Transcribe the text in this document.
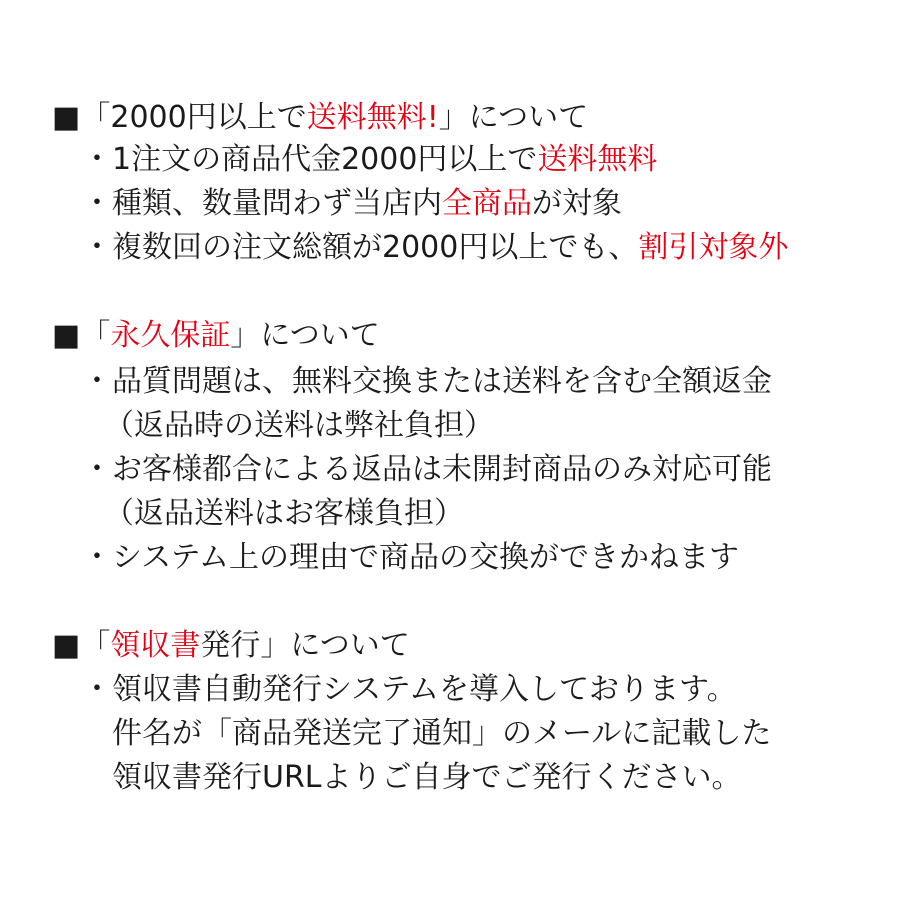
■「2000円以上で送料無料!」について
・1注文の商品代金2000円以上で送料無料
・種類、数量問わず当店内全商品が対象
・複数回の注文総額が2000円以上でも、割引対象外
■「永久保証」について
・品質問題は、無料交換または送料を含む全額返金
（返品時の送料は弊社負担）
・お客様都合による返品は未開封商品のみ対応可能
（返品送料はお客様負担）
・システム上の理由で商品の交換ができかねます
■「領収書発行」について
・領収書自動発行システムを導入しております。
件名が「商品発送完了通知」のメールに記載した
領収書発行URLよりご自身でご発行ください。
